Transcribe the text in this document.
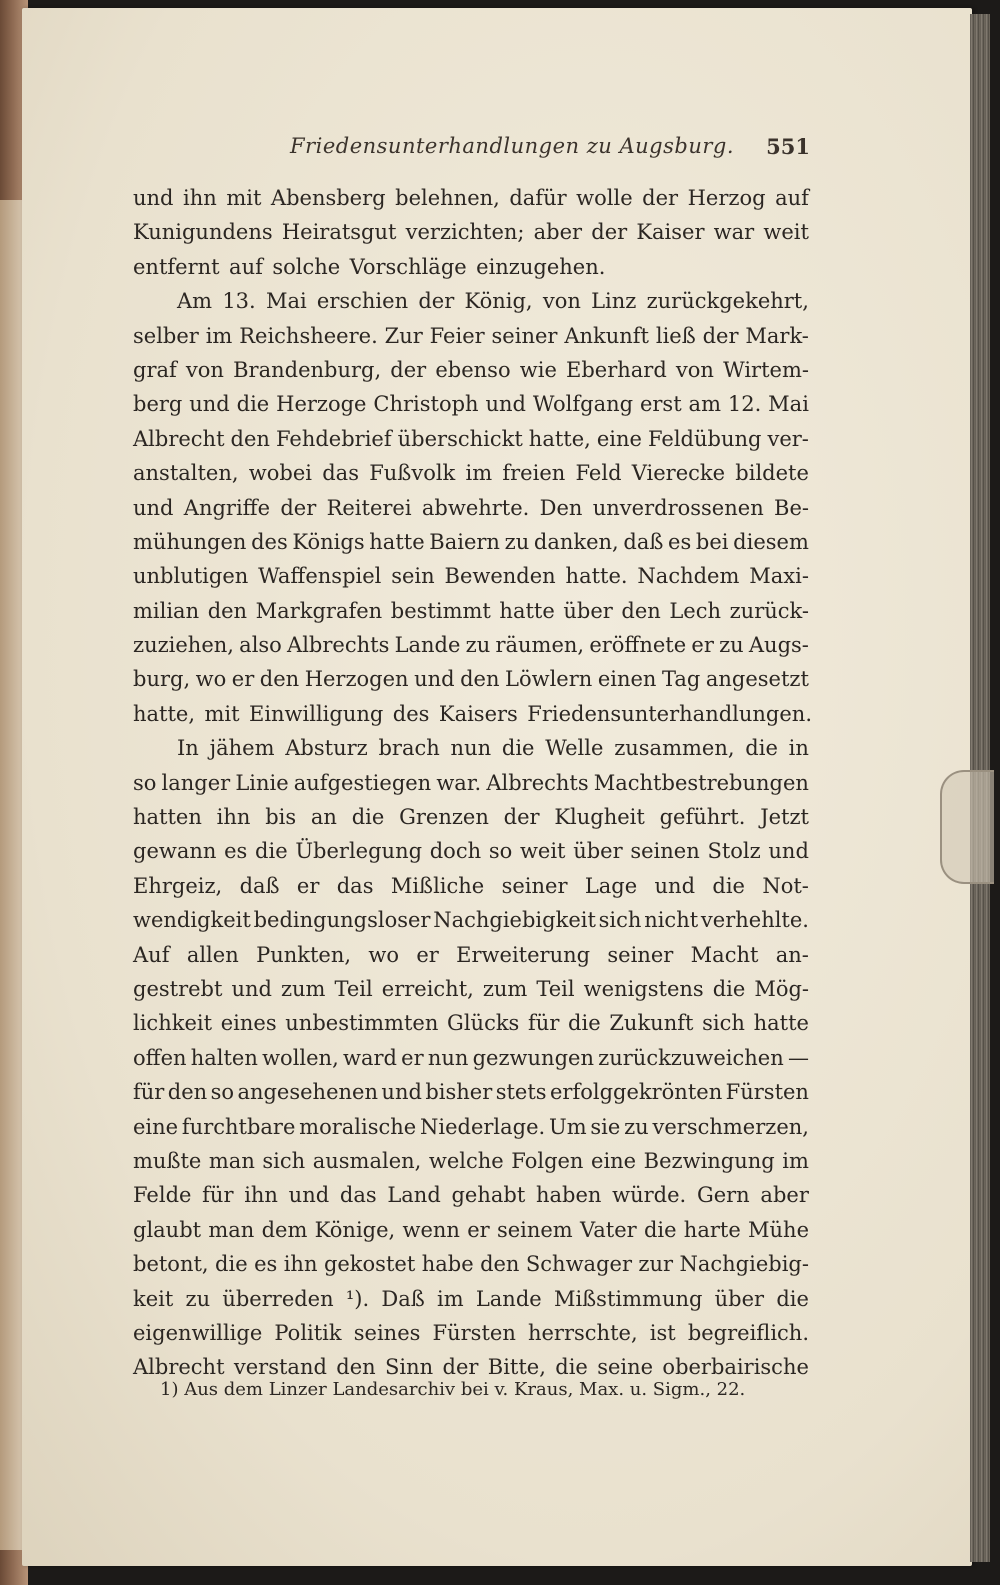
Friedensunterhandlungen zu Augsburg. 551
und ihn mit Abensberg belehnen, dafür wolle der Herzog auf
Kunigundens Heiratsgut verzichten; aber der Kaiser war weit
entfernt auf solche Vorschläge einzugehen.
Am 13. Mai erschien der König, von Linz zurückgekehrt,
selber im Reichsheere. Zur Feier seiner Ankunft ließ der Mark-
graf von Brandenburg, der ebenso wie Eberhard von Wirtem-
berg und die Herzoge Christoph und Wolfgang erst am 12. Mai
Albrecht den Fehdebrief überschickt hatte, eine Feldübung ver-
anstalten, wobei das Fußvolk im freien Feld Vierecke bildete
und Angriffe der Reiterei abwehrte. Den unverdrossenen Be-
mühungen des Königs hatte Baiern zu danken, daß es bei diesem
unblutigen Waffenspiel sein Bewenden hatte. Nachdem Maxi-
milian den Markgrafen bestimmt hatte über den Lech zurück-
zuziehen, also Albrechts Lande zu räumen, eröffnete er zu Augs-
burg, wo er den Herzogen und den Löwlern einen Tag angesetzt
hatte, mit Einwilligung des Kaisers Friedensunterhandlungen.
In jähem Absturz brach nun die Welle zusammen, die in
so langer Linie aufgestiegen war. Albrechts Machtbestrebungen
hatten ihn bis an die Grenzen der Klugheit geführt. Jetzt
gewann es die Überlegung doch so weit über seinen Stolz und
Ehrgeiz, daß er das Mißliche seiner Lage und die Not-
wendigkeit bedingungsloser Nachgiebigkeit sich nicht verhehlte.
Auf allen Punkten, wo er Erweiterung seiner Macht an-
gestrebt und zum Teil erreicht, zum Teil wenigstens die Mög-
lichkeit eines unbestimmten Glücks für die Zukunft sich hatte
offen halten wollen, ward er nun gezwungen zurückzuweichen —
für den so angesehenen und bisher stets erfolggekrönten Fürsten
eine furchtbare moralische Niederlage. Um sie zu verschmerzen,
mußte man sich ausmalen, welche Folgen eine Bezwingung im
Felde für ihn und das Land gehabt haben würde. Gern aber
glaubt man dem Könige, wenn er seinem Vater die harte Mühe
betont, die es ihn gekostet habe den Schwager zur Nachgiebig-
keit zu überreden ¹). Daß im Lande Mißstimmung über die
eigenwillige Politik seines Fürsten herrschte, ist begreiflich.
Albrecht verstand den Sinn der Bitte, die seine oberbairische
1) Aus dem Linzer Landesarchiv bei v. Kraus, Max. u. Sigm., 22.
